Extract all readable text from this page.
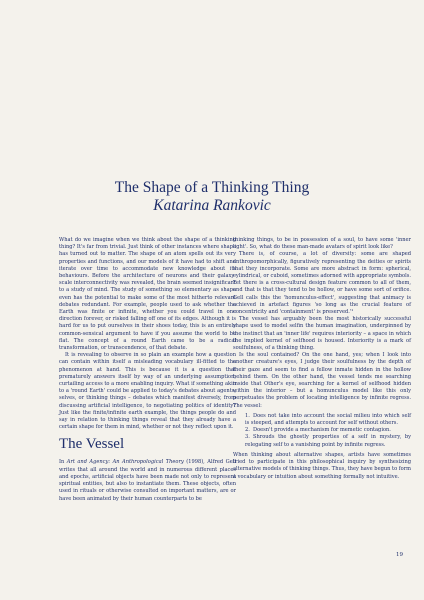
The Shape of a Thinking Thing
Katarina Rankovic

What do we imagine when we think about the shape of a thinking thing? It's far from trivial. Just think of other instances where shape has turned out to matter. The shape of an atom spells out its very properties and functions, and our models of it have had to shift and iterate over time to accommodate new knowledge about its behaviours. Before the architecture of neurons and their galaxy-scale interconnectivity was revealed, the brain seemed insignificant to a study of mind. The study of something so elementary as shape even has the potential to make some of the most hitherto relevant debates redundant. For example, people used to ask whether the Earth was finite or infinite, whether you could travel in one direction forever, or risked falling off one of its edges. Although it is hard for us to put ourselves in their shoes today, this is an entirely common-sensical argument to have if you assume the world to be flat. The concept of a round Earth came to be a radical transformation, or transcendence, of that debate.

It is revealing to observe in so plain an example how a question can contain within itself a misleading vocabulary ill-fitted to the phenomenon at hand. This is because it is a question that prematurely answers itself by way of an underlying assumption, curtailing access to a more enabling inquiry. What if something akin to a 'round Earth' could be applied to today's debates about agents, selves, or thinking things – debates which manifest diversely, from discussing artificial intelligence, to negotiating politics of identity? Just like the finite/infinite earth example, the things people do and say in relation to thinking things reveal that they already have a certain shape for them in mind, whether or not they reflect upon it.

The Vessel

In Art and Agency: An Anthropological Theory (1998), Alfred Gell writes that all around the world and in numerous different places and epochs, artificial objects have been made not only to represent spiritual entities, but also to instantiate them. These objects, often used in rituals or otherwise consulted on important matters, are or have been animated by their human counterparts to be

thinking things, to be in possession of a soul, to have some 'inner light'. So, what do these man-made avatars of spirit look like?

There is, of course, a lot of diversity: some are shaped anthropomorphically, figuratively representing the deities or spirits that they incorporate. Some are more abstract in form: spherical, cylindrical, or cuboid, sometimes adorned with appropriate symbols. Yet there is a cross-cultural design feature common to all of them, and that is that they tend to be hollow, or have some sort of orifice. Gell calls this the 'homunculus-effect', suggesting that animacy is achieved in artefact figures 'so long as the crucial feature of concentricity and 'containment' is preserved.'¹

The vessel has arguably been the most historically successful shape used to model selfin the human imagination, underpinned by the instinct that an 'inner life' requires interiority – a space in which the implied kernel of selfhood is housed. Interiority is a mark of soulfulness, of a thinking thing.

Is the soul contained? On the one hand, yes; when I look into another creature's eyes, I judge their soulfulness by the depth of their gaze and seem to find a fellow inmate hidden in the hollow behind them. On the other hand, the vessel tends me searching inside that Other's eye, searching for a kernel of selfhood hidden within the interior – but a homunculus model like this only perpetuates the problem of locating intelligence by infinite regress. The vessel:

1. Does not take into account the social milieu into which self is steeped, and attempts to account for self without others.
2. Doesn't provide a mechanism for memetic contagion.
3. Shrouds the ghostly properties of a self in mystery, by relegating self to a vanishing point by infinite regress.

When thinking about alternative shapes, artists have sometimes tried to participate in this philosophical inquiry by synthesizing alternative models of thinking things. Thus, they have begun to form a vocabulary or intuition about something formally not intuitive.

19
